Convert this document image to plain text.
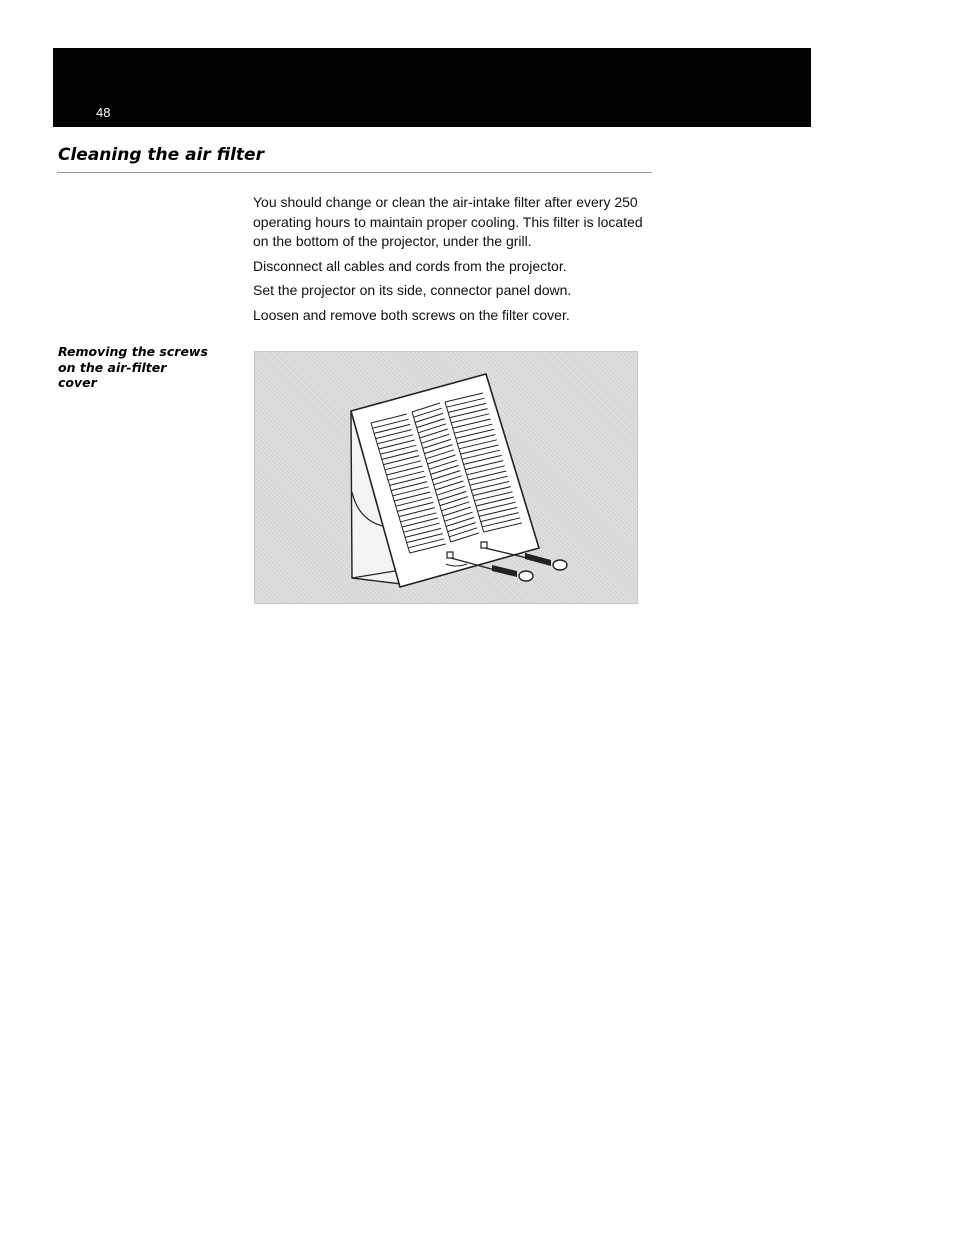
48
Cleaning the air filter

You should change or clean the air-intake filter after every 250 operating hours to maintain proper cooling. This filter is located on the bottom of the projector, under the grill.

Disconnect all cables and cords from the projector.

Set the projector on its side, connector panel down.

Loosen and remove both screws on the filter cover.

Removing the screws on the air-filter cover
